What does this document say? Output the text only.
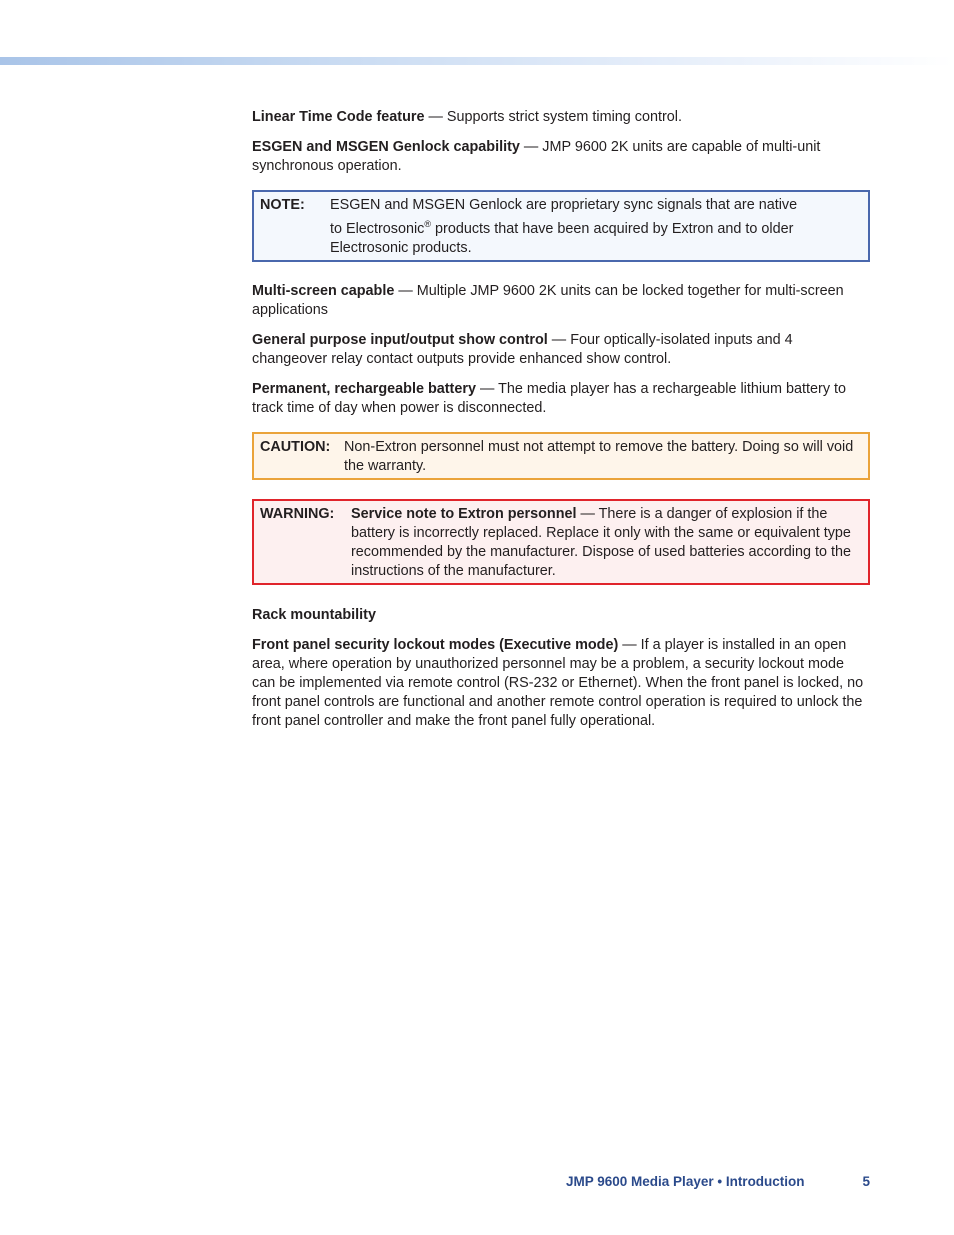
Linear Time Code feature — Supports strict system timing control.

ESGEN and MSGEN Genlock capability — JMP 9600 2K units are capable of multi-unit synchronous operation.

NOTE:	ESGEN and MSGEN Genlock are proprietary sync signals that are native
to Electrosonic® products that have been acquired by Extron and to older
Electrosonic products.

Multi-screen capable — Multiple JMP 9600 2K units can be locked together for multi-screen applications

General purpose input/output show control — Four optically-isolated inputs and 4 changeover relay contact outputs provide enhanced show control.

Permanent, rechargeable battery — The media player has a rechargeable lithium battery to track time of day when power is disconnected.

CAUTION: Non-Extron personnel must not attempt to remove the battery. Doing so will void the warranty.
WARNING:	Service note to Extron personnel — There is a danger of explosion if the battery is incorrectly replaced. Replace it only with the same or equivalent type recommended by the manufacturer. Dispose of used batteries according to the instructions of the manufacturer.

Rack mountability

Front panel security lockout modes (Executive mode) — If a player is installed in an open area, where operation by unauthorized personnel may be a problem, a security lockout mode can be implemented via remote control (RS-232 or Ethernet). When the front panel is locked, no front panel controls are functional and another remote control operation is required to unlock the front panel controller and make the front panel fully operational.

JMP 9600 Media Player • Introduction	5
